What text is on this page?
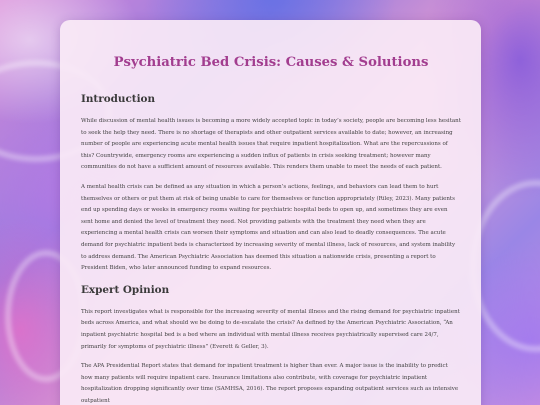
Psychiatric Bed Crisis: Causes & Solutions
Introduction

While discussion of mental health issues is becoming a more widely accepted topic in today’s society, people are becoming less hesitant to seek the help they need. There is no shortage of therapists and other outpatient services available to date; however, an increasing number of people are experiencing acute mental health issues that require inpatient hospitalization. What are the repercussions of this? Countrywide, emergency rooms are experiencing a sudden influx of patients in crisis seeking treatment; however many communities do not have a sufficient amount of resources available. This renders them unable to meet the needs of each patient.

A mental health crisis can be defined as any situation in which a person’s actions, feelings, and behaviors can lead them to hurt themselves or others or put them at risk of being unable to care for themselves or function appropriately (Riley, 2023). Many patients end up spending days or weeks in emergency rooms waiting for psychiatric hospital beds to open up, and sometimes they are even sent home and denied the level of treatment they need. Not providing patients with the treatment they need when they are experiencing a mental health crisis can worsen their symptoms and situation and can also lead to deadly consequences. The acute demand for psychiatric inpatient beds is characterized by increasing severity of mental illness, lack of resources, and system inability to address demand. The American Psychiatric Association has deemed this situation a nationwide crisis, presenting a report to President Biden, who later announced funding to expand resources.

Expert Opinion

This report investigates what is responsible for the increasing severity of mental illness and the rising demand for psychiatric inpatient beds across America, and what should we be doing to de-escalate the crisis? As defined by the American Psychiatric Association, “An inpatient psychiatric hospital bed is a bed where an individual with mental illness receives psychiatrically supervised care 24/7, primarily for symptoms of psychiatric illness” (Everett & Geller, 3).

The APA Presidential Report states that demand for inpatient treatment is higher than ever. A major issue is the inability to predict how many patients will require inpatient care. Insurance limitations also contribute, with coverage for psychiatric inpatient hospitalization dropping significantly over time (SAMHSA, 2016). The report proposes expanding outpatient services such as intensive outpatient
